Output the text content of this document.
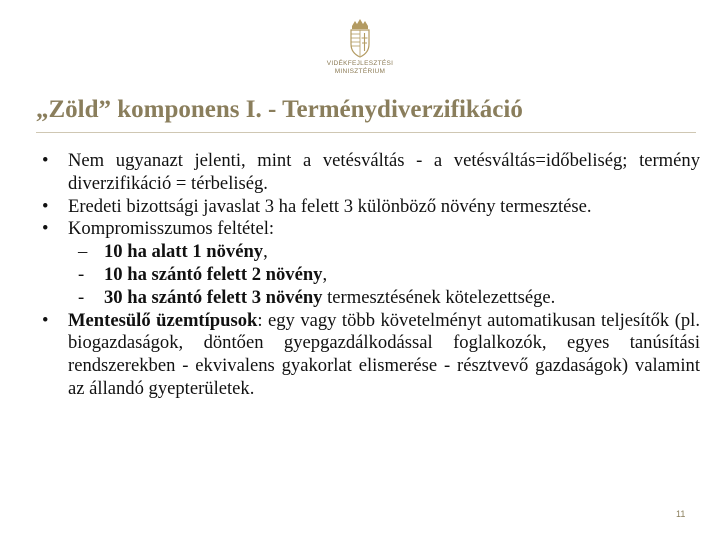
VIDÉKFEJLESZTÉSI
MINISZTÉRIUM
„Zöld” komponens I. - Terménydiverzifikáció

• Nem ugyanazt jelenti, mint a vetésváltás - a vetésváltás=időbeliség; termény diverzifikáció = térbeliség.

• Eredeti bizottsági javaslat 3 ha felett 3 különböző növény termesztése.

• Kompromisszumos feltétel:

– 10 ha alatt 1 növény,

- 10 ha szántó felett 2 növény,

- 30 ha szántó felett 3 növény termesztésének kötelezettsége.

• Mentesülő üzemtípusok: egy vagy több követelményt automatikusan teljesítők (pl. biogazdaságok, döntően gyepgazdálkodással foglalkozók, egyes tanúsítási rendszerekben - ekvivalens gyakorlat elismerése - résztvevő gazdaságok) valamint az állandó gyepterületek.

11
